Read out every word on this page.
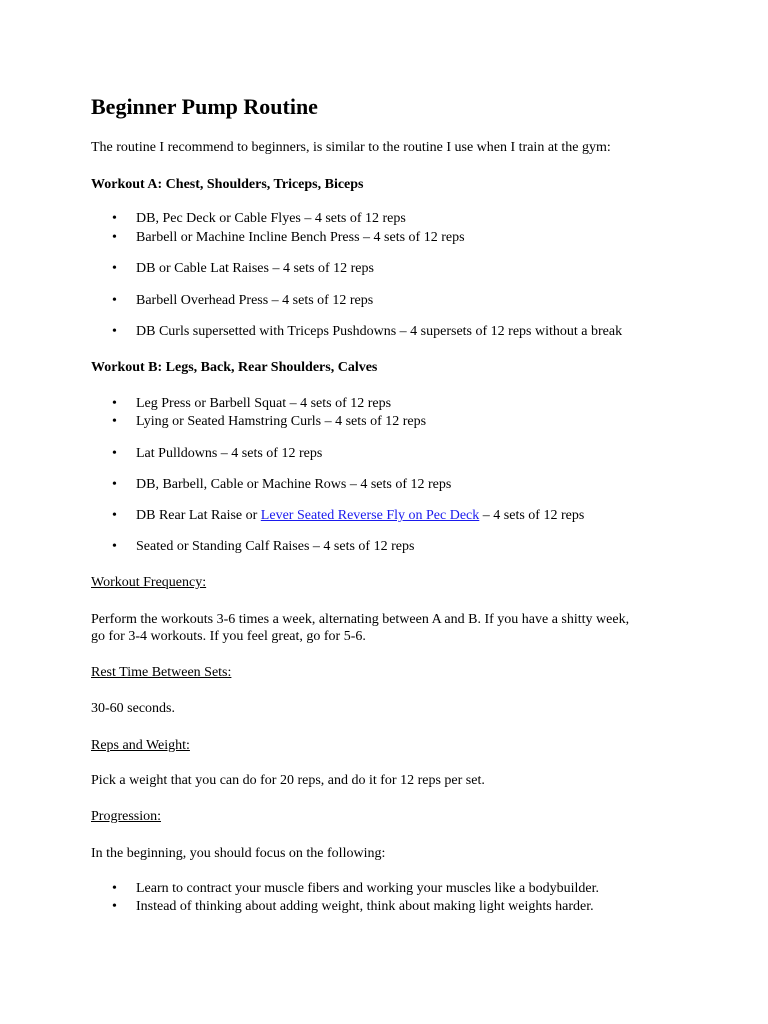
Beginner Pump Routine

The routine I recommend to beginners, is similar to the routine I use when I train at the gym:

Workout A: Chest, Shoulders, Triceps, Biceps

•
DB, Pec Deck or Cable Flyes – 4 sets of 12 reps
•
Barbell or Machine Incline Bench Press – 4 sets of 12 reps
•
DB or Cable Lat Raises – 4 sets of 12 reps
•
Barbell Overhead Press – 4 sets of 12 reps
•
DB Curls supersetted with Triceps Pushdowns – 4 supersets of 12 reps without a break

Workout B: Legs, Back, Rear Shoulders, Calves

•
Leg Press or Barbell Squat – 4 sets of 12 reps
•
Lying or Seated Hamstring Curls – 4 sets of 12 reps
•
Lat Pulldowns – 4 sets of 12 reps
•
DB, Barbell, Cable or Machine Rows – 4 sets of 12 reps
•
DB Rear Lat Raise or Lever Seated Reverse Fly on Pec Deck – 4 sets of 12 reps
•
Seated or Standing Calf Raises – 4 sets of 12 reps

Workout Frequency:

Perform the workouts 3-6 times a week, alternating between A and B. If you have a shitty week,

go for 3-4 workouts. If you feel great, go for 5-6.

Rest Time Between Sets:

30-60 seconds.

Reps and Weight:

Pick a weight that you can do for 20 reps, and do it for 12 reps per set.

Progression:

In the beginning, you should focus on the following:

•
Learn to contract your muscle fibers and working your muscles like a bodybuilder.
•
Instead of thinking about adding weight, think about making light weights harder.
